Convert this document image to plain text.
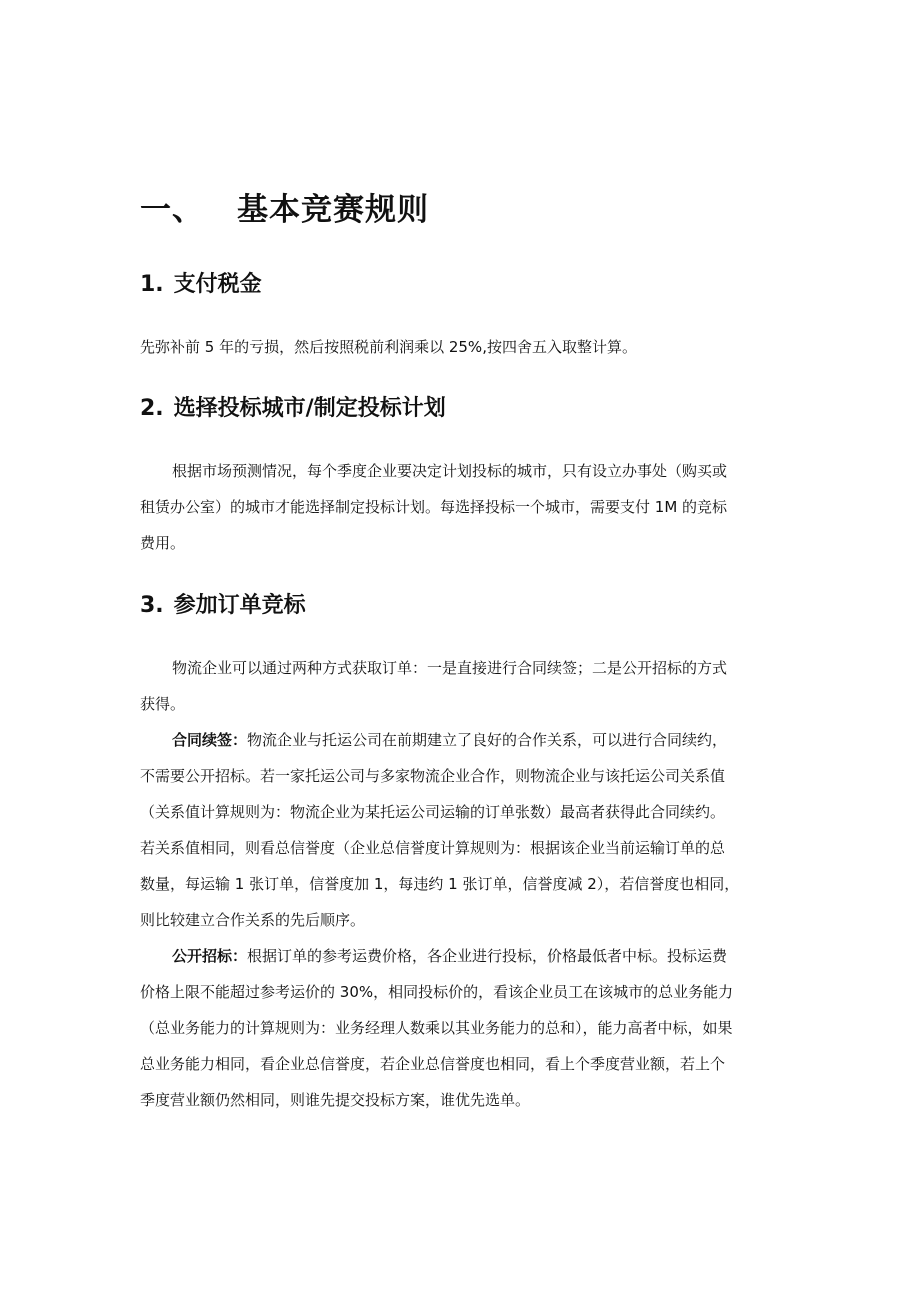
一、 基本竞赛规则
1. 支付税金
先弥补前 5 年的亏损，然后按照税前利润乘以 25%,按四舍五入取整计算。
2. 选择投标城市/制定投标计划
根据市场预测情况，每个季度企业要决定计划投标的城市，只有设立办事处（购买或
租赁办公室）的城市才能选择制定投标计划。每选择投标一个城市，需要支付 1M 的竞标
费用。
3. 参加订单竞标
物流企业可以通过两种方式获取订单：一是直接进行合同续签；二是公开招标的方式
获得。
合同续签：物流企业与托运公司在前期建立了良好的合作关系，可以进行合同续约，
不需要公开招标。若一家托运公司与多家物流企业合作，则物流企业与该托运公司关系值
（关系值计算规则为：物流企业为某托运公司运输的订单张数）最高者获得此合同续约。
若关系值相同，则看总信誉度（企业总信誉度计算规则为：根据该企业当前运输订单的总
数量，每运输 1 张订单，信誉度加 1，每违约 1 张订单，信誉度减 2），若信誉度也相同，
则比较建立合作关系的先后顺序。
公开招标：根据订单的参考运费价格，各企业进行投标，价格最低者中标。投标运费
价格上限不能超过参考运价的 30%，相同投标价的，看该企业员工在该城市的总业务能力
（总业务能力的计算规则为：业务经理人数乘以其业务能力的总和），能力高者中标，如果
总业务能力相同，看企业总信誉度，若企业总信誉度也相同，看上个季度营业额，若上个
季度营业额仍然相同，则谁先提交投标方案，谁优先选单。
